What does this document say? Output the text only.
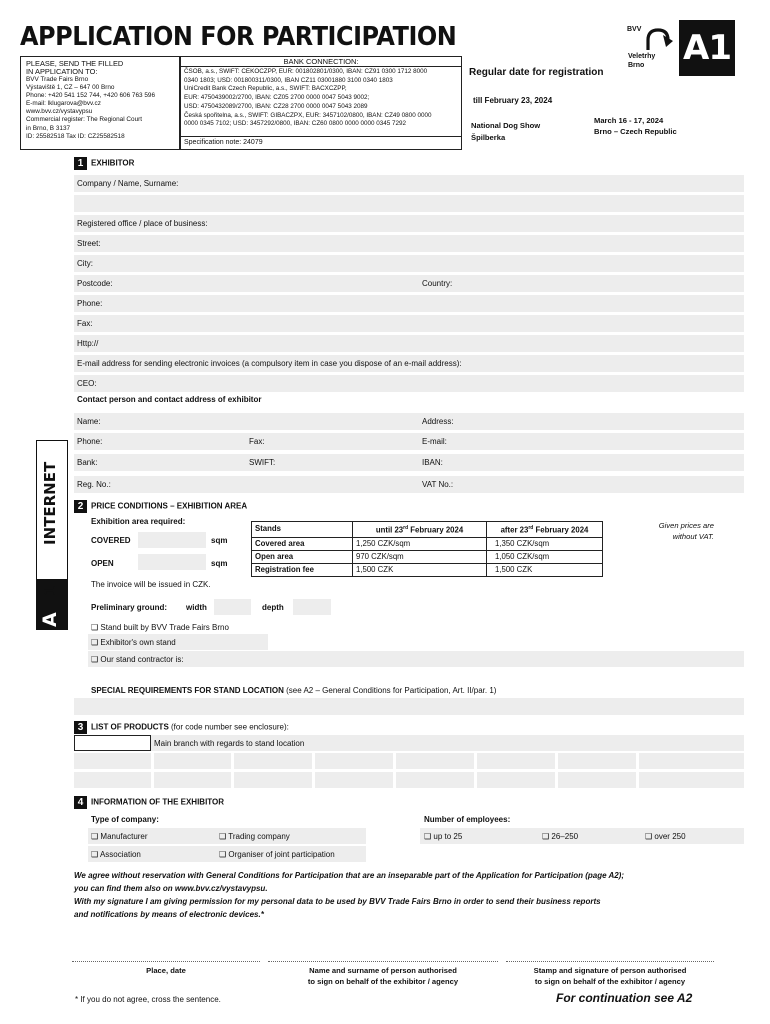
APPLICATION FOR PARTICIPATION
PLEASE, SEND THE FILLED
IN APPLICATION TO:
BVV Trade Fairs Brno
Výstaviště 1, CZ – 647 00 Brno
Phone: +420 541 152 744, +420 606 763 596
E-mail: lklugarova@bvv.cz
www.bvv.cz/vystavypsu
Commercial register: The Regional Court
in Brno, B 3137
ID: 25582518 Tax ID: CZ25582518
BANK CONNECTION:
ČSOB, a.s., SWIFT: CEKOCZPP, EUR: 001802801/0300, IBAN: CZ91 0300 1712 8000
0340 1803; USD: 001800311/0300, IBAN CZ11 03001880 3100 0340 1803
UniCredit Bank Czech Republic, a.s., SWIFT: BACXCZPP,
EUR: 4750439002/2700, IBAN: CZ05 2700 0000 0047 5043 9002;
USD: 4750432089/2700, IBAN: CZ28 2700 0000 0047 5043 2089
Česká spořitelna, a.s., SWIFT: GIBACZPX, EUR: 3457102/0800, IBAN: CZ49 0800 0000
0000 0345 7102; USD: 3457292/0800, IBAN: CZ60 0800 0000 0000 0345 7292
Specification note: 24079
Regular date for registration
till February 23, 2024
National Dog Show
Špilberka
March 16 - 17, 2024
Brno – Czech Republic
BVV
Veletrhy
Brno	A1
INTERNET
1
A
1 EXHIBITOR
Company / Name, Surname:
Registered office / place of business:
Street:
City:
Postcode:	Country:
Phone:
Fax:
Http://
E-mail address for sending electronic invoices (a compulsory item in case you dispose of an e-mail address):
CEO:
Contact person and contact address of exhibitor
Name:	Address:
Phone:	Fax:	E-mail:
Bank:	SWIFT:	IBAN:
Reg. No.:	VAT No.:
2 PRICE CONDITIONS – EXHIBITION AREA
Exhibition area required:
COVERED	sqm
OPEN	sqm
Stands	until 23rd February 2024	after 23rd February 2024
Covered area	1,250 CZK/sqm	1,350 CZK/sqm
Open area	970 CZK/sqm	1,050 CZK/sqm
Registration fee	1,500 CZK	1,500 CZK
Given prices are
without VAT.
The invoice will be issued in CZK.
Preliminary ground: width	depth
❑ Stand built by BVV Trade Fairs Brno
❑ Exhibitor's own stand
❑ Our stand contractor is:
SPECIAL REQUIREMENTS FOR STAND LOCATION (see A2 – General Conditions for Participation, Art. II/par. 1)
3 LIST OF PRODUCTS (for code number see enclosure):
Main branch with regards to stand location
4 INFORMATION OF THE EXHIBITOR
Type of company:	Number of employees:
❑ Manufacturer	❑ Trading company
❑ Association	❑ Organiser of joint participation
❑ up to 25	❑ 26–250	❑ over 250
We agree without reservation with General Conditions for Participation that are an inseparable part of the Application for Participation (page A2);
you can find them also on www.bvv.cz/vystavypsu.
With my signature I am giving permission for my personal data to be used by BVV Trade Fairs Brno in order to send their business reports
and notifications by means of electronic devices.*
Place, date	Name and surname of person authorised
to sign on behalf of the exhibitor / agency
Stamp and signature of person authorised
to sign on behalf of the exhibitor / agency
* If you do not agree, cross the sentence.	For continuation see A2
